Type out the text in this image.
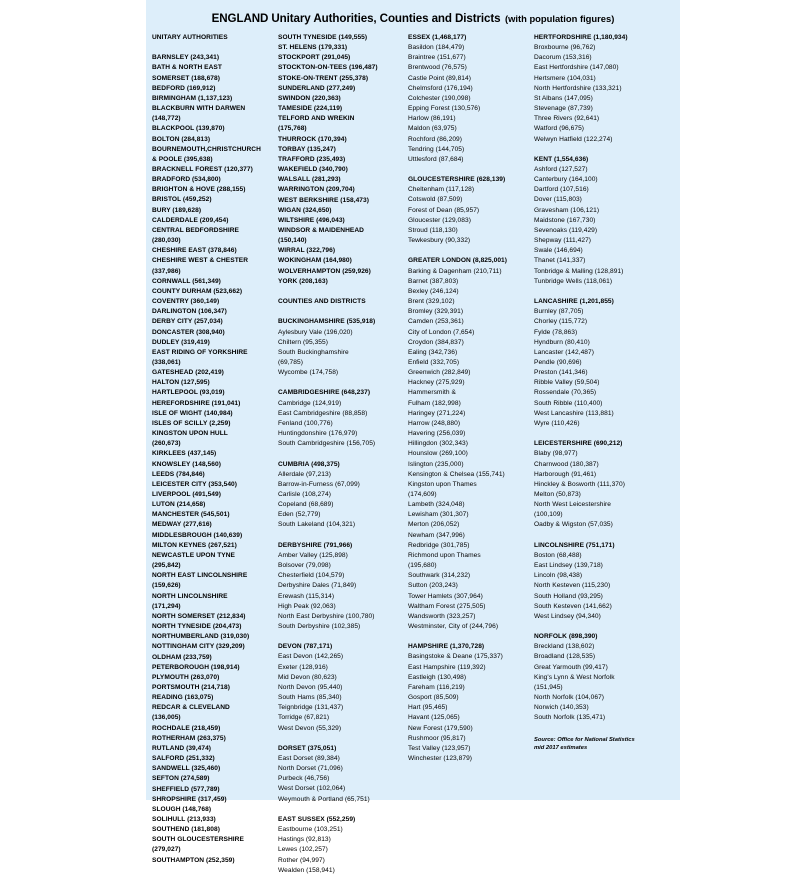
ENGLAND Unitary Authorities, Counties and Districts (with population figures)
UNITARY AUTHORITIES
BARNSLEY (243,341)
BATH & NORTH EAST
SOMERSET (188,678)
BEDFORD (169,912)
BIRMINGHAM (1,137,123)
BLACKBURN WITH DARWEN
(148,772)
BLACKPOOL (139,870)
BOLTON (284,813)
BOURNEMOUTH,CHRISTCHURCH
& POOLE (395,638)
BRACKNELL FOREST (120,377)
BRADFORD (534,800)
BRIGHTON & HOVE (288,155)
BRISTOL (459,252)
BURY (189,628)
CALDERDALE (209,454)
CENTRAL BEDFORDSHIRE
(280,030)
CHESHIRE EAST (378,846)
CHESHIRE WEST & CHESTER
(337,986)
CORNWALL (561,349)
COUNTY DURHAM (523,662)
COVENTRY (360,149)
DARLINGTON (106,347)
DERBY CITY (257,034)
DONCASTER (308,940)
DUDLEY (319,419)
EAST RIDING OF YORKSHIRE
(338,061)
GATESHEAD (202,419)
HALTON (127,595)
HARTLEPOOL (93,019)
HEREFORDSHIRE (191,041)
ISLE OF WIGHT (140,984)
ISLES OF SCILLY (2,259)
KINGSTON UPON HULL
(260,673)
KIRKLEES (437,145)
KNOWSLEY (148,560)
LEEDS (784,846)
LEICESTER CITY (353,540)
LIVERPOOL (491,549)
LUTON (214,658)
MANCHESTER (545,501)
MEDWAY (277,616)
MIDDLESBROUGH (140,639)
MILTON KEYNES (267,521)
NEWCASTLE UPON TYNE
(295,842)
NORTH EAST LINCOLNSHIRE
(159,626)
NORTH LINCOLNSHIRE
(171,294)
NORTH SOMERSET (212,834)
NORTH TYNESIDE (204,473)
NORTHUMBERLAND (319,030)
NOTTINGHAM CITY (329,209)
OLDHAM (233,759)
PETERBOROUGH (198,914)
PLYMOUTH (263,070)
PORTSMOUTH (214,718)
READING (163,075)
REDCAR & CLEVELAND
(136,005)
ROCHDALE (218,459)
ROTHERHAM (263,375)
RUTLAND (39,474)
SALFORD (251,332)
SANDWELL (325,460)
SEFTON (274,589)
SHEFFIELD (577,789)
SHROPSHIRE (317,459)
SLOUGH (148,768)
SOLIHULL (213,933)
SOUTHEND (181,808)
SOUTH GLOUCESTERSHIRE
(279,027)
SOUTHAMPTON (252,359)
SOUTH TYNESIDE (149,555)
ST. HELENS (179,331)
STOCKPORT (291,045)
STOCKTON-ON-TEES (196,487)
STOKE-ON-TRENT (255,378)
SUNDERLAND (277,249)
SWINDON (220,363)
TAMESIDE (224,119)
TELFORD AND WREKIN
(175,768)
THURROCK (170,394)
TORBAY (135,247)
TRAFFORD (235,493)
WAKEFIELD (340,790)
WALSALL (281,293)
WARRINGTON (209,704)
WEST BERKSHIRE (158,473)
WIGAN (324,650)
WILTSHIRE (496,043)
WINDSOR & MAIDENHEAD
(150,140)
WIRRAL (322,796)
WOKINGHAM (164,980)
WOLVERHAMPTON (259,926)
YORK (208,163)
COUNTIES AND DISTRICTS
BUCKINGHAMSHIRE (535,918)
Aylesbury Vale (196,020)
Chiltern (95,355)
South Buckinghamshire
(69,785)
Wycombe (174,758)
CAMBRIDGESHIRE (648,237)
Cambridge (124,919)
East Cambridgeshire (88,858)
Fenland (100,776)
Huntingdonshire (176,979)
South Cambridgeshire (156,705)
CUMBRIA (498,375)
Allerdale (97,213)
Barrow-in-Furness (67,099)
Carlisle (108,274)
Copeland (68,689)
Eden (52,779)
South Lakeland (104,321)
DERBYSHIRE (791,966)
Amber Valley (125,898)
Bolsover (79,098)
Chesterfield (104,579)
Derbyshire Dales (71,849)
Erewash (115,314)
High Peak (92,063)
North East Derbyshire (100,780)
South Derbyshire (102,385)
DEVON (787,171)
East Devon (142,265)
Exeter (128,916)
Mid Devon (80,623)
North Devon (95,440)
South Hams (85,340)
Teignbridge (131,437)
Torridge (67,821)
West Devon (55,329)
DORSET (375,051)
East Dorset (89,384)
North Dorset (71,096)
Purbeck (46,756)
West Dorset (102,064)
Weymouth & Portland (65,751)
EAST SUSSEX (552,259)
Eastbourne (103,251)
Hastings (92,813)
Lewes (102,257)
Rother (94,997)
Wealden (158,941)
ESSEX (1,468,177)
Basildon (184,479)
Braintree (151,677)
Brentwood (76,575)
Castle Point (89,814)
Chelmsford (176,194)
Colchester (190,098)
Epping Forest (130,576)
Harlow (86,191)
Maldon (63,975)
Rochford (86,209)
Tendring (144,705)
Uttlesford (87,684)
GLOUCESTERSHIRE (628,139)
Cheltenham (117,128)
Cotswold (87,509)
Forest of Dean (85,957)
Gloucester (129,083)
Stroud (118,130)
Tewkesbury (90,332)
GREATER LONDON (8,825,001)
Barking & Dagenham (210,711)
Barnet (387,803)
Bexley (246,124)
Brent (329,102)
Bromley (329,391)
Camden (253,361)
City of London (7,654)
Croydon (384,837)
Ealing (342,736)
Enfield (332,705)
Greenwich (282,849)
Hackney (275,929)
Hammersmith &
Fulham (182,998)
Haringey (271,224)
Harrow (248,880)
Havering (256,039)
Hillingdon (302,343)
Hounslow (269,100)
Islington (235,000)
Kensington & Chelsea (155,741)
Kingston upon Thames
(174,609)
Lambeth (324,048)
Lewisham (301,307)
Merton (206,052)
Newham (347,996)
Redbridge (301,785)
Richmond upon Thames
(195,680)
Southwark (314,232)
Sutton (203,243)
Tower Hamlets (307,964)
Waltham Forest (275,505)
Wandsworth (323,257)
Westminster, City of (244,796)
HAMPSHIRE (1,370,728)
Basingstoke & Deane (175,337)
East Hampshire (119,392)
Eastleigh (130,498)
Fareham (116,219)
Gosport (85,509)
Hart (95,465)
Havant (125,065)
New Forest (179,590)
Rushmoor (95,817)
Test Valley (123,957)
Winchester (123,879)
HERTFORDSHIRE (1,180,934)
Broxbourne (96,762)
Dacorum (153,316)
East Hertfordshire (147,080)
Hertsmere (104,031)
North Hertfordshire (133,321)
St Albans (147,095)
Stevenage (87,739)
Three Rivers (92,641)
Watford (96,675)
Welwyn Hatfield (122,274)
KENT (1,554,636)
Ashford (127,527)
Canterbury (164,100)
Dartford (107,516)
Dover (115,803)
Gravesham (106,121)
Maidstone (167,730)
Sevenoaks (119,429)
Shepway (111,427)
Swale (146,694)
Thanet (141,337)
Tonbridge & Malling (128,891)
Tunbridge Wells (118,061)
LANCASHIRE (1,201,855)
Burnley (87,705)
Chorley (115,772)
Fylde (78,863)
Hyndburn (80,410)
Lancaster (142,487)
Pendle (90,696)
Preston (141,346)
Ribble Valley (59,504)
Rossendale (70,365)
South Ribble (110,400)
West Lancashire (113,881)
Wyre (110,426)
LEICESTERSHIRE (690,212)
Blaby (98,977)
Charnwood (180,387)
Harborough (91,461)
Hinckley & Bosworth (111,370)
Melton (50,873)
North West Leicestershire
(100,109)
Oadby & Wigston (57,035)
LINCOLNSHIRE (751,171)
Boston (68,488)
East Lindsey (139,718)
Lincoln (98,438)
North Kesteven (115,230)
South Holland (93,295)
South Kesteven (141,662)
West Lindsey (94,340)
NORFOLK (898,390)
Breckland (138,602)
Broadland (128,535)
Great Yarmouth (99,417)
King's Lynn & West Norfolk
(151,945)
North Norfolk (104,067)
Norwich (140,353)
South Norfolk (135,471)
Source: Office for National Statistics
mid 2017 estimates
